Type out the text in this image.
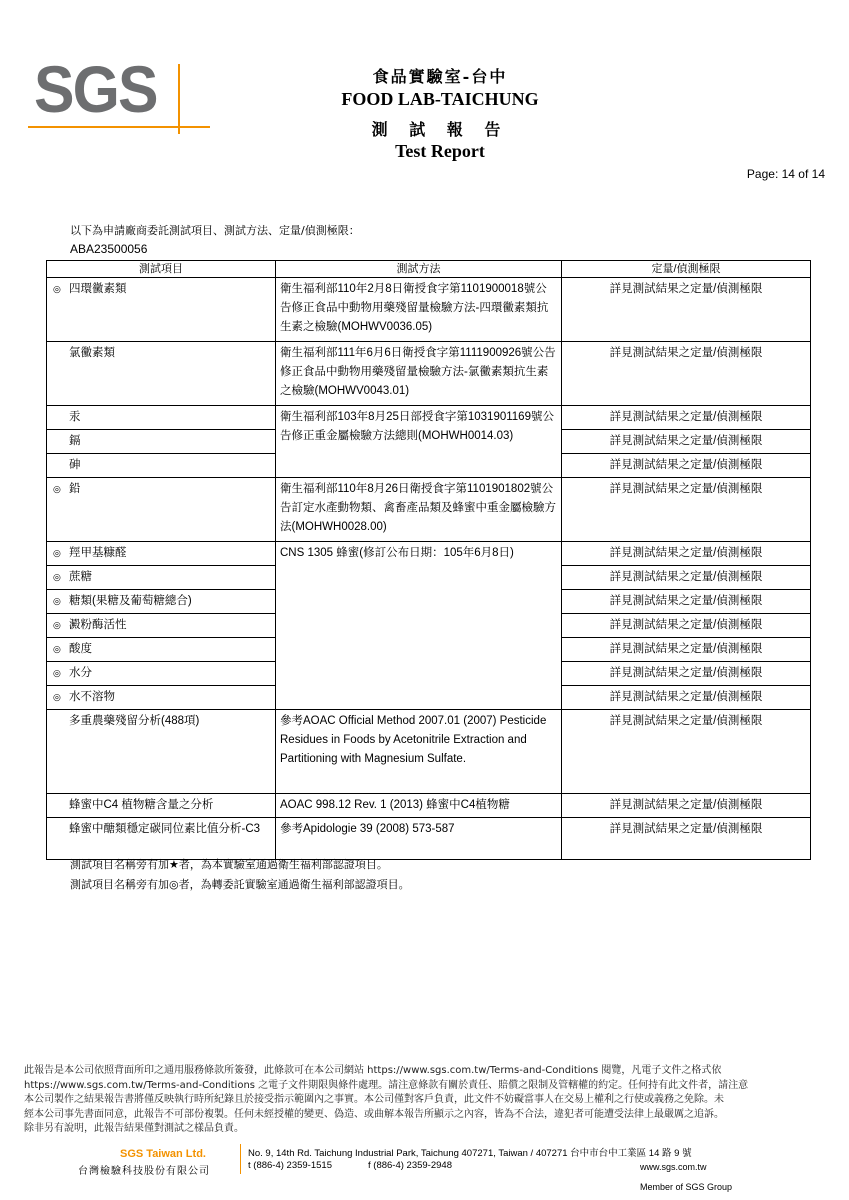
SGS	食品實驗室-台中
FOOD LAB-TAICHUNG
測 試 報 告
Test Report
Page: 14 of 14
以下為申請廠商委託測試項目、測試方法、定量/偵測極限：
ABA23500056
測試項目	測試方法	定量/偵測極限
◎ 四環黴素類	衛生福利部110年2月8日衛授食字第1101900018號公告修正食品中動物用藥殘留量檢驗方法-四環黴素類抗生素之檢驗(MOHWV0036.05)	詳見測試結果之定量/偵測極限
氯黴素類	衛生福利部111年6月6日衛授食字第1111900926號公告修正食品中動物用藥殘留量檢驗方法-氯黴素類抗生素之檢驗(MOHWV0043.01)	詳見測試結果之定量/偵測極限
汞	衛生福利部103年8月25日部授食字第1031901169號公告修正重金屬檢驗方法總則(MOHWH0014.03)	詳見測試結果之定量/偵測極限
鎘		詳見測試結果之定量/偵測極限
砷		詳見測試結果之定量/偵測極限
◎ 鉛	衛生福利部110年8月26日衛授食字第1101901802號公告訂定水產動物類、禽畜產品類及蜂蜜中重金屬檢驗方法(MOHWH0028.00)	詳見測試結果之定量/偵測極限
◎ 羥甲基糠醛	CNS 1305 蜂蜜(修訂公布日期：105年6月8日)	詳見測試結果之定量/偵測極限
◎ 蔗糖		詳見測試結果之定量/偵測極限
◎ 糖類(果糖及葡萄糖總合)		詳見測試結果之定量/偵測極限
◎ 澱粉酶活性		詳見測試結果之定量/偵測極限
◎ 酸度		詳見測試結果之定量/偵測極限
◎ 水分		詳見測試結果之定量/偵測極限
◎ 水不溶物		詳見測試結果之定量/偵測極限
多重農藥殘留分析(488項)	參考AOAC Official Method 2007.01 (2007) Pesticide Residues in Foods by Acetonitrile Extraction and Partitioning with Magnesium Sulfate.	詳見測試結果之定量/偵測極限
蜂蜜中C4 植物糖含量之分析	AOAC 998.12 Rev. 1 (2013) 蜂蜜中C4植物糖	詳見測試結果之定量/偵測極限
蜂蜜中醣類穩定碳同位素比值分析-C3	參考Apidologie 39 (2008) 573-587	詳見測試結果之定量/偵測極限
測試項目名稱旁有加★者，為本實驗室通過衛生福利部認證項目。
測試項目名稱旁有加◎者，為轉委託實驗室通過衛生福利部認證項目。
此報告是本公司依照背面所印之通用服務條款所簽發，此條款可在本公司網站 https://www.sgs.com.tw/Terms-and-Conditions 閱覽，凡電子文件之格式依
https://www.sgs.com.tw/Terms-and-Conditions 之電子文件期限與條件處理。請注意條款有關於責任、賠償之限制及管轄權的約定。任何持有此文件者，請注意
本公司製作之結果報告書將僅反映執行時所紀錄且於接受指示範圍內之事實。本公司僅對客戶負責，此文件不妨礙當事人在交易上權利之行使或義務之免除。未
經本公司事先書面同意，此報告不可部份複製。任何未經授權的變更、偽造、或曲解本報告所顯示之內容，皆為不合法，違犯者可能遭受法律上最嚴厲之追訴。
除非另有說明，此報告結果僅對測試之樣品負責。
SGS Taiwan Ltd.
台灣檢驗科技股份有限公司
No. 9, 14th Rd. Taichung Industrial Park, Taichung 407271, Taiwan / 407271 台中市台中工業區 14 路 9 號
t (886-4) 2359-1515	f (886-4) 2359-2948	www.sgs.com.tw
Member of SGS Group
